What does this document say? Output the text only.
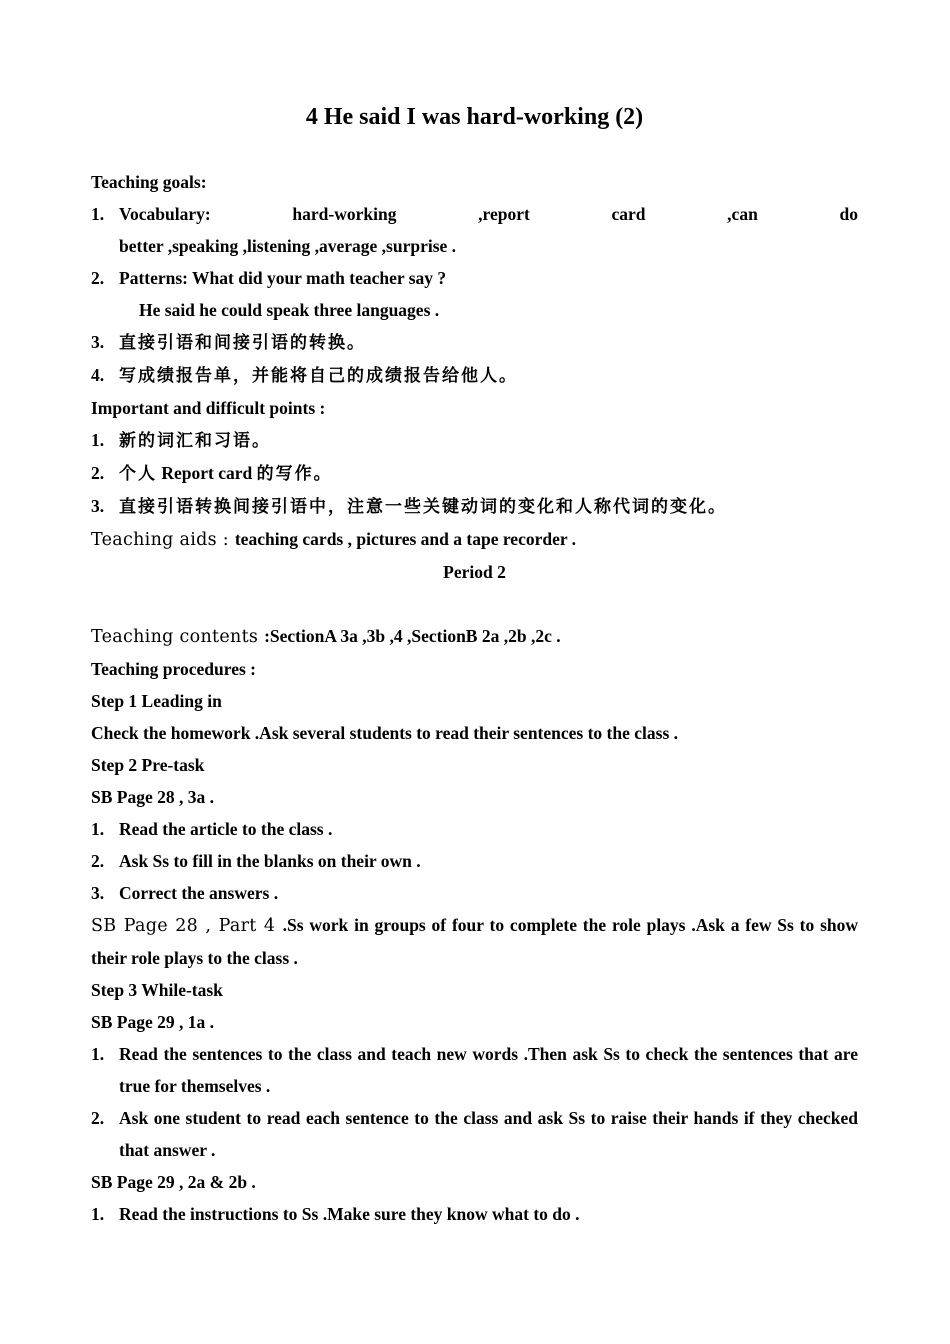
4 He said I was hard-working (2)
Teaching goals:
1. Vocabulary:	hard-working	,report	card	,can	do
better ,speaking ,listening ,average ,surprise .
2. Patterns: What did your math teacher say ?
He said he could speak three languages .
3. 直接引语和间接引语的转换。
4. 写成绩报告单，并能将自己的成绩报告给他人。
Important and difficult points :
1. 新的词汇和习语。
2. 个人 Report card 的写作。
3. 直接引语转换间接引语中，注意一些关键动词的变化和人称代词的变化。
Teaching aids : teaching cards , pictures and a tape recorder .
Period 2

Teaching contents :SectionA 3a ,3b ,4 ,SectionB 2a ,2b ,2c .
Teaching procedures :
Step 1 Leading in
Check the homework .Ask several students to read their sentences to the class .
Step 2 Pre-task
SB Page 28 , 3a .
1. Read the article to the class .
2. Ask Ss to fill in the blanks on their own .
3. Correct the answers .
SB Page 28 , Part 4 .Ss work in groups of four to complete the role plays .Ask a few Ss to show their role plays to the class .
Step 3 While-task
SB Page 29 , 1a .
1. Read the sentences to the class and teach new words .Then ask Ss to check the sentences that are true for themselves .
2. Ask one student to read each sentence to the class and ask Ss to raise their hands if they checked that answer .
SB Page 29 , 2a & 2b .
1. Read the instructions to Ss .Make sure they know what to do .
